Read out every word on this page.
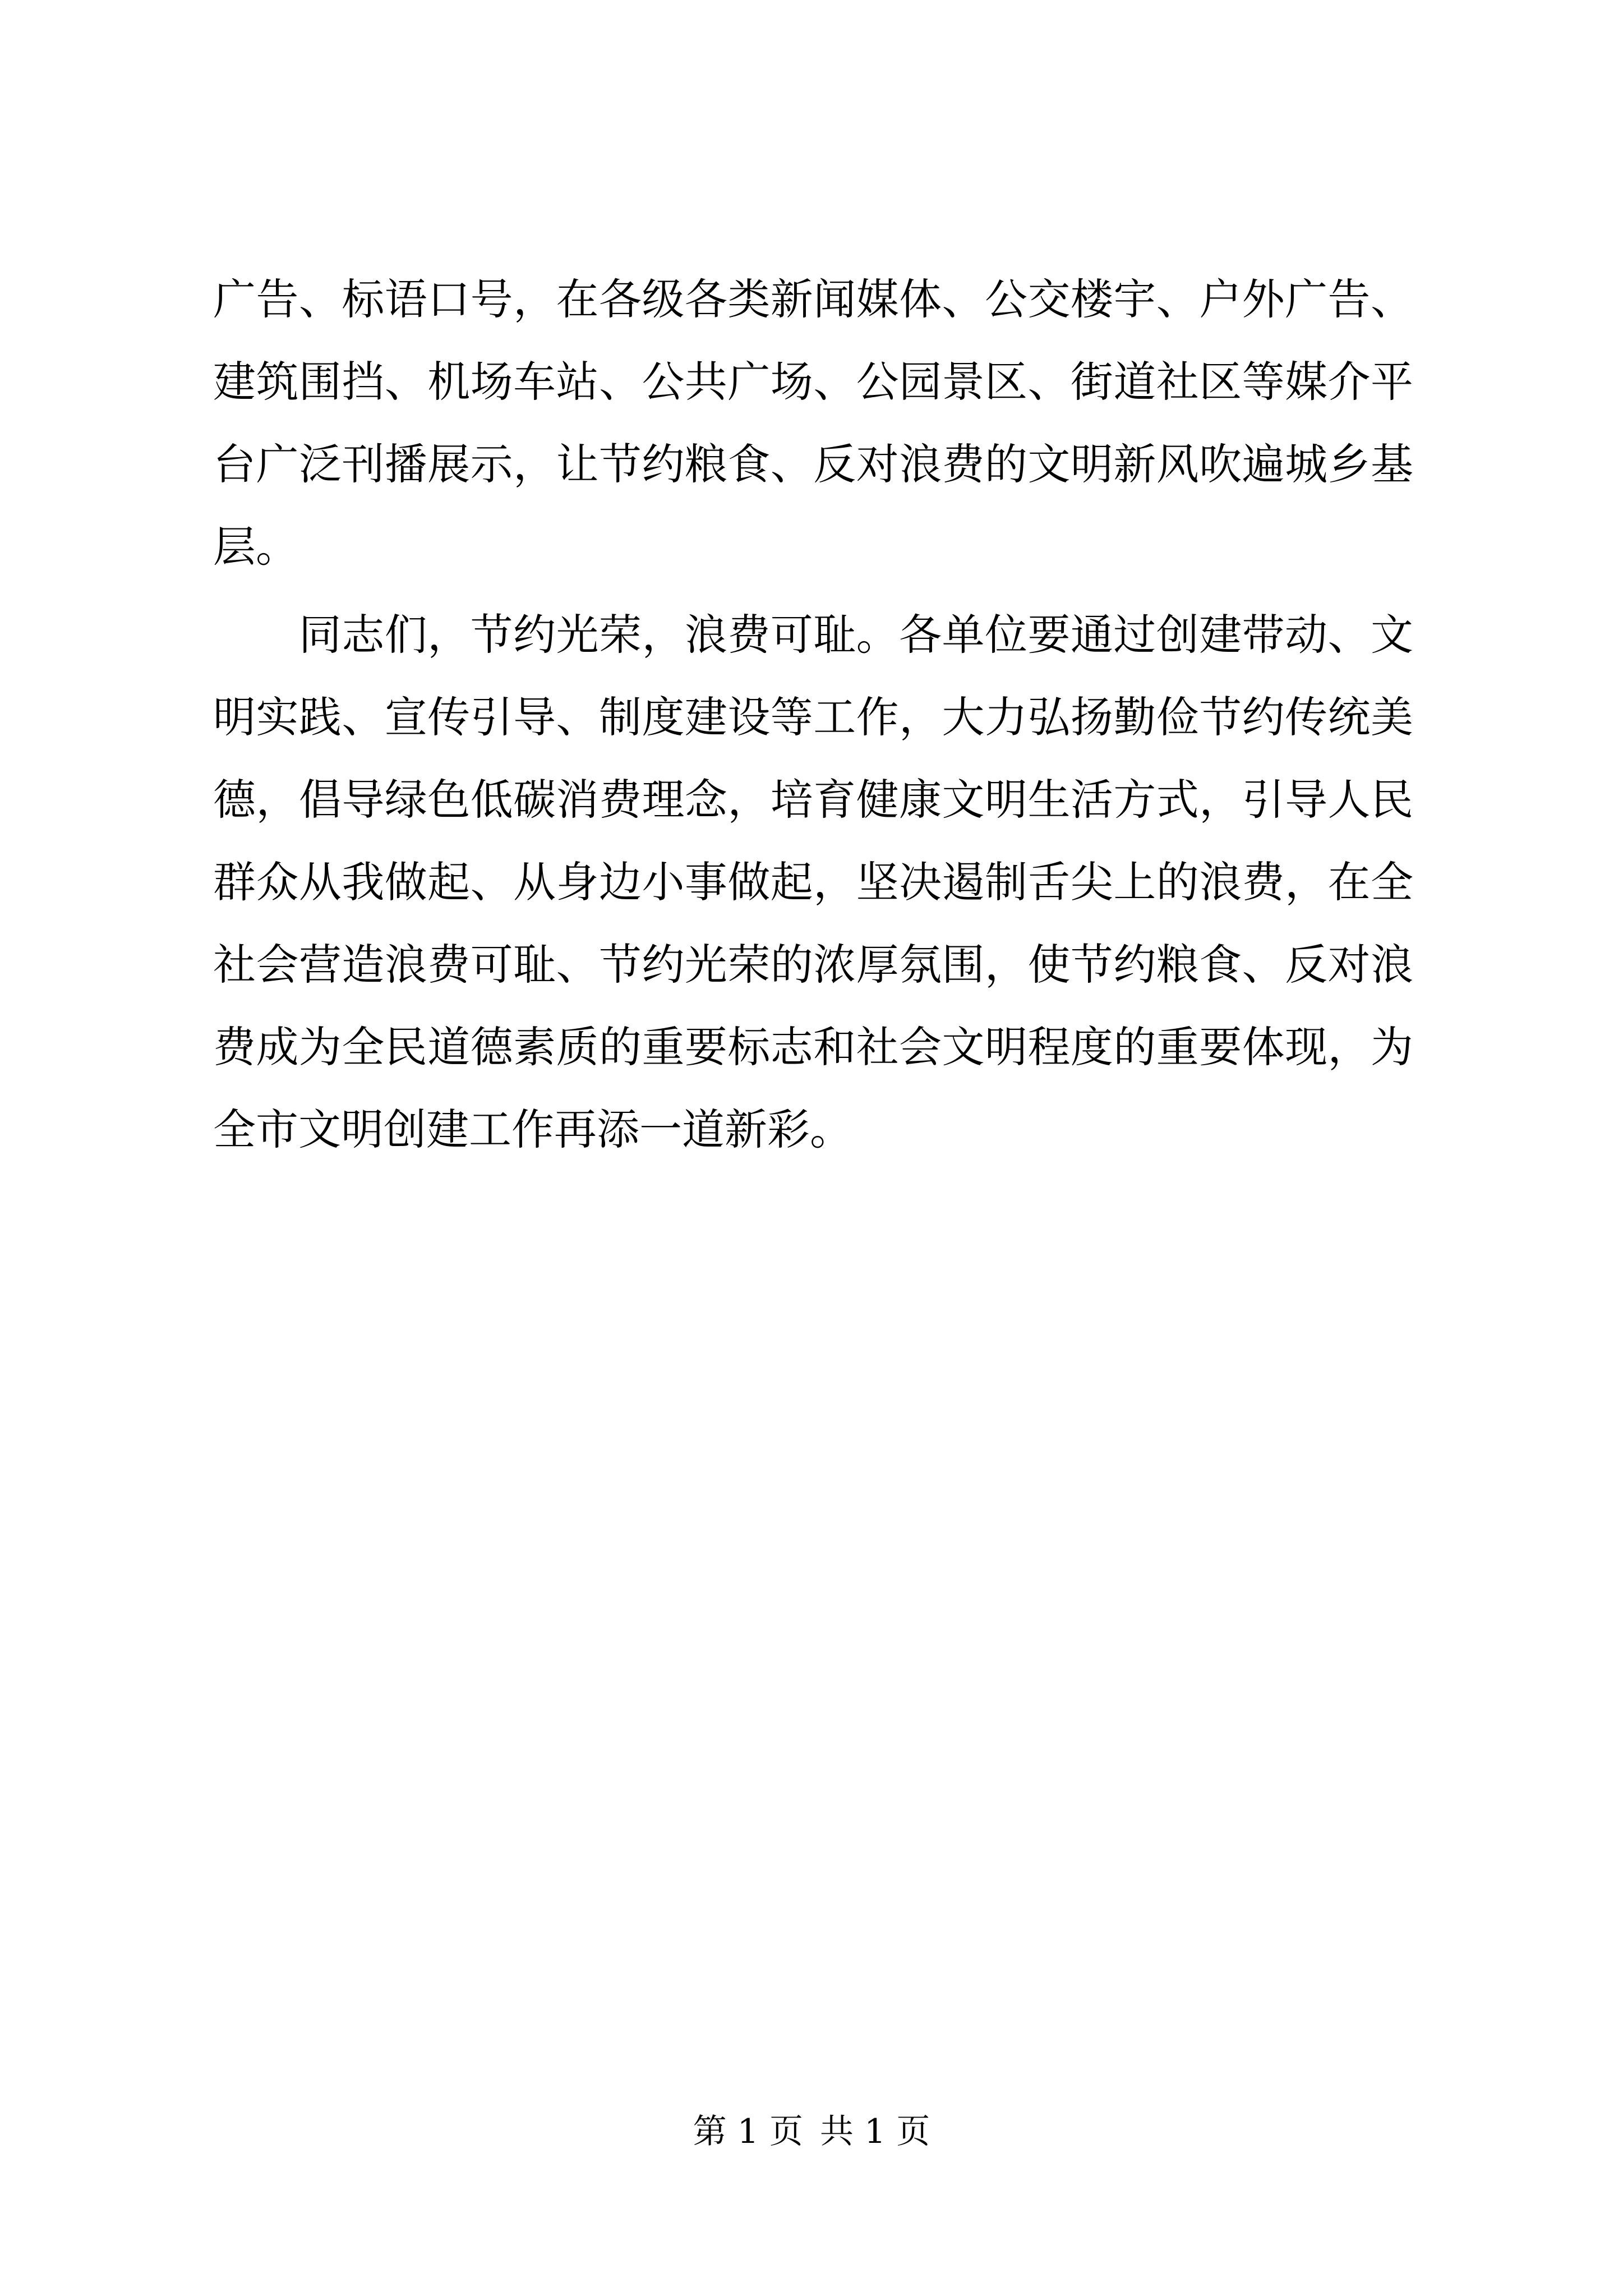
广告、标语口号，在各级各类新闻媒体、公交楼宇、户外广告、
建筑围挡、机场车站、公共广场、公园景区、街道社区等媒介平
台广泛刊播展示，让节约粮食、反对浪费的文明新风吹遍城乡基
层。
　　同志们，节约光荣，浪费可耻。各单位要通过创建带动、文
明实践、宣传引导、制度建设等工作，大力弘扬勤俭节约传统美
德，倡导绿色低碳消费理念，培育健康文明生活方式，引导人民
群众从我做起、从身边小事做起，坚决遏制舌尖上的浪费，在全
社会营造浪费可耻、节约光荣的浓厚氛围，使节约粮食、反对浪
费成为全民道德素质的重要标志和社会文明程度的重要体现，为
全市文明创建工作再添一道新彩。
第 1 页 共 1 页
